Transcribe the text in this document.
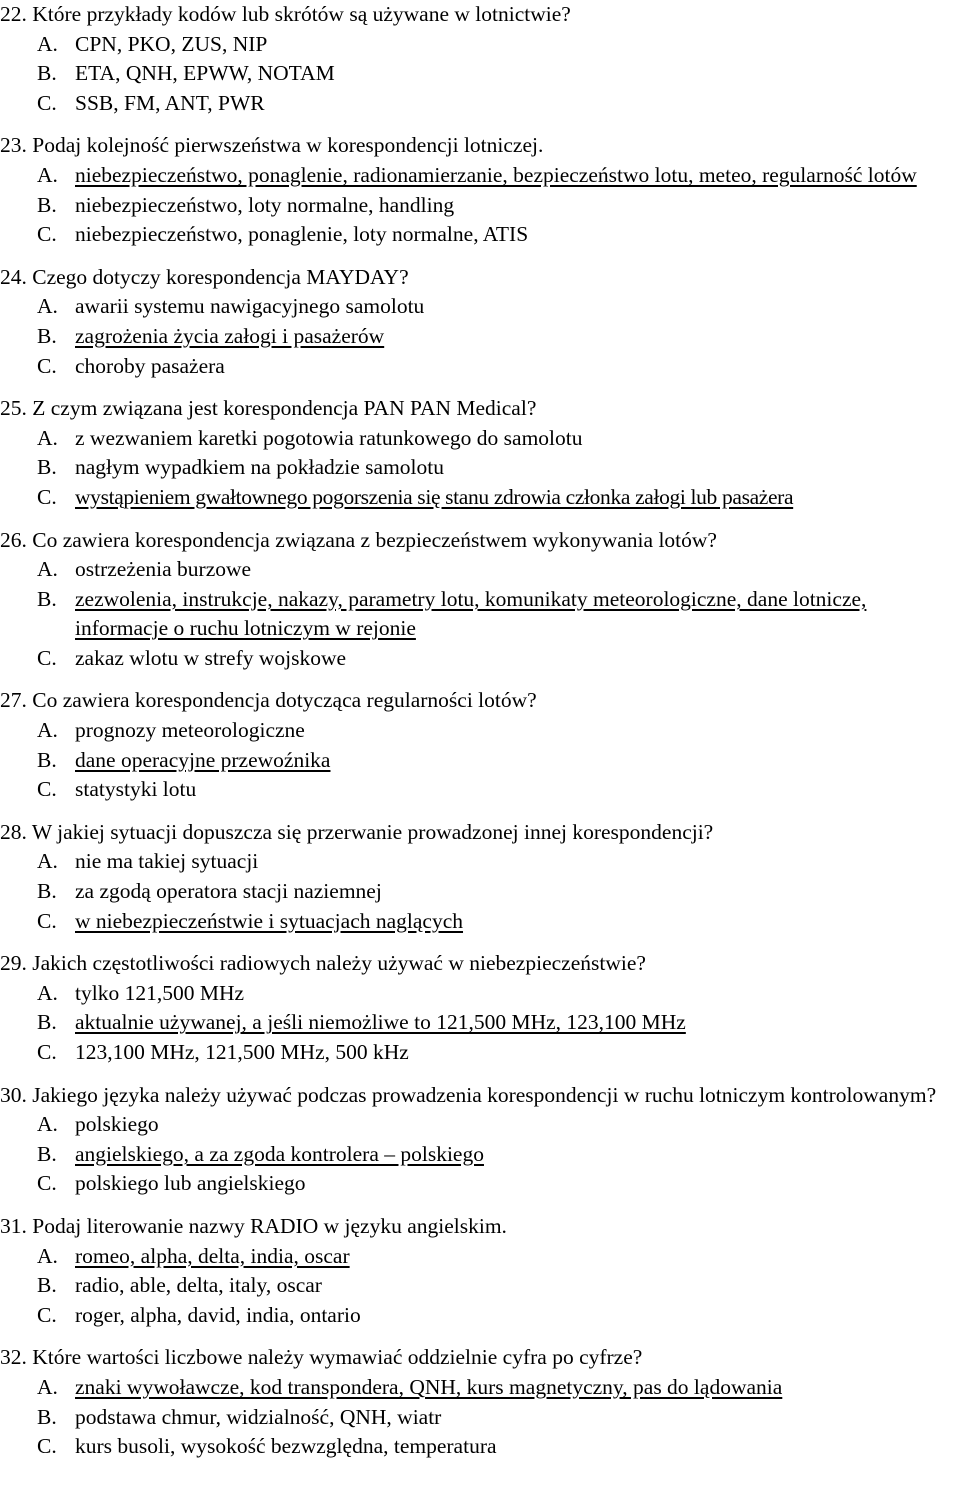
22. Które przykłady kodów lub skrótów są używane w lotnictwie?
A. CPN, PKO, ZUS, NIP
B. ETA, QNH, EPWW, NOTAM
C. SSB, FM, ANT, PWR
23. Podaj kolejność pierwszeństwa w korespondencji lotniczej.
A. niebezpieczeństwo, ponaglenie, radionamierzanie, bezpieczeństwo lotu, meteo, regularność lotów
B. niebezpieczeństwo, loty normalne, handling
C. niebezpieczeństwo, ponaglenie, loty normalne, ATIS
24. Czego dotyczy korespondencja MAYDAY?
A. awarii systemu nawigacyjnego samolotu
B. zagrożenia życia załogi i pasażerów
C. choroby pasażera
25. Z czym związana jest korespondencja PAN PAN Medical?
A. z wezwaniem karetki pogotowia ratunkowego do samolotu
B. nagłym wypadkiem na pokładzie samolotu
C. wystąpieniem gwałtownego pogorszenia się stanu zdrowia członka załogi lub pasażera
26. Co zawiera korespondencja związana z bezpieczeństwem wykonywania lotów?
A. ostrzeżenia burzowe
B. zezwolenia, instrukcje, nakazy, parametry lotu, komunikaty meteorologiczne, dane lotnicze, informacje o ruchu lotniczym w rejonie
C. zakaz wlotu w strefy wojskowe
27. Co zawiera korespondencja dotycząca regularności lotów?
A. prognozy meteorologiczne
B. dane operacyjne przewoźnika
C. statystyki lotu
28. W jakiej sytuacji dopuszcza się przerwanie prowadzonej innej korespondencji?
A. nie ma takiej sytuacji
B. za zgodą operatora stacji naziemnej
C. w niebezpieczeństwie i sytuacjach naglących
29. Jakich częstotliwości radiowych należy używać w niebezpieczeństwie?
A. tylko 121,500 MHz
B. aktualnie używanej, a jeśli niemożliwe to 121,500 MHz, 123,100 MHz
C. 123,100 MHz, 121,500 MHz, 500 kHz
30. Jakiego języka należy używać podczas prowadzenia korespondencji w ruchu lotniczym kontrolowanym?
A. polskiego
B. angielskiego, a za zgoda kontrolera – polskiego
C. polskiego lub angielskiego
31. Podaj literowanie nazwy RADIO w języku angielskim.
A. romeo, alpha, delta, india, oscar
B. radio, able, delta, italy, oscar
C. roger, alpha, david, india, ontario
32. Które wartości liczbowe należy wymawiać oddzielnie cyfra po cyfrze?
A. znaki wywoławcze, kod transpondera, QNH, kurs magnetyczny, pas do lądowania
B. podstawa chmur, widzialność, QNH, wiatr
C. kurs busoli, wysokość bezwzględna, temperatura
